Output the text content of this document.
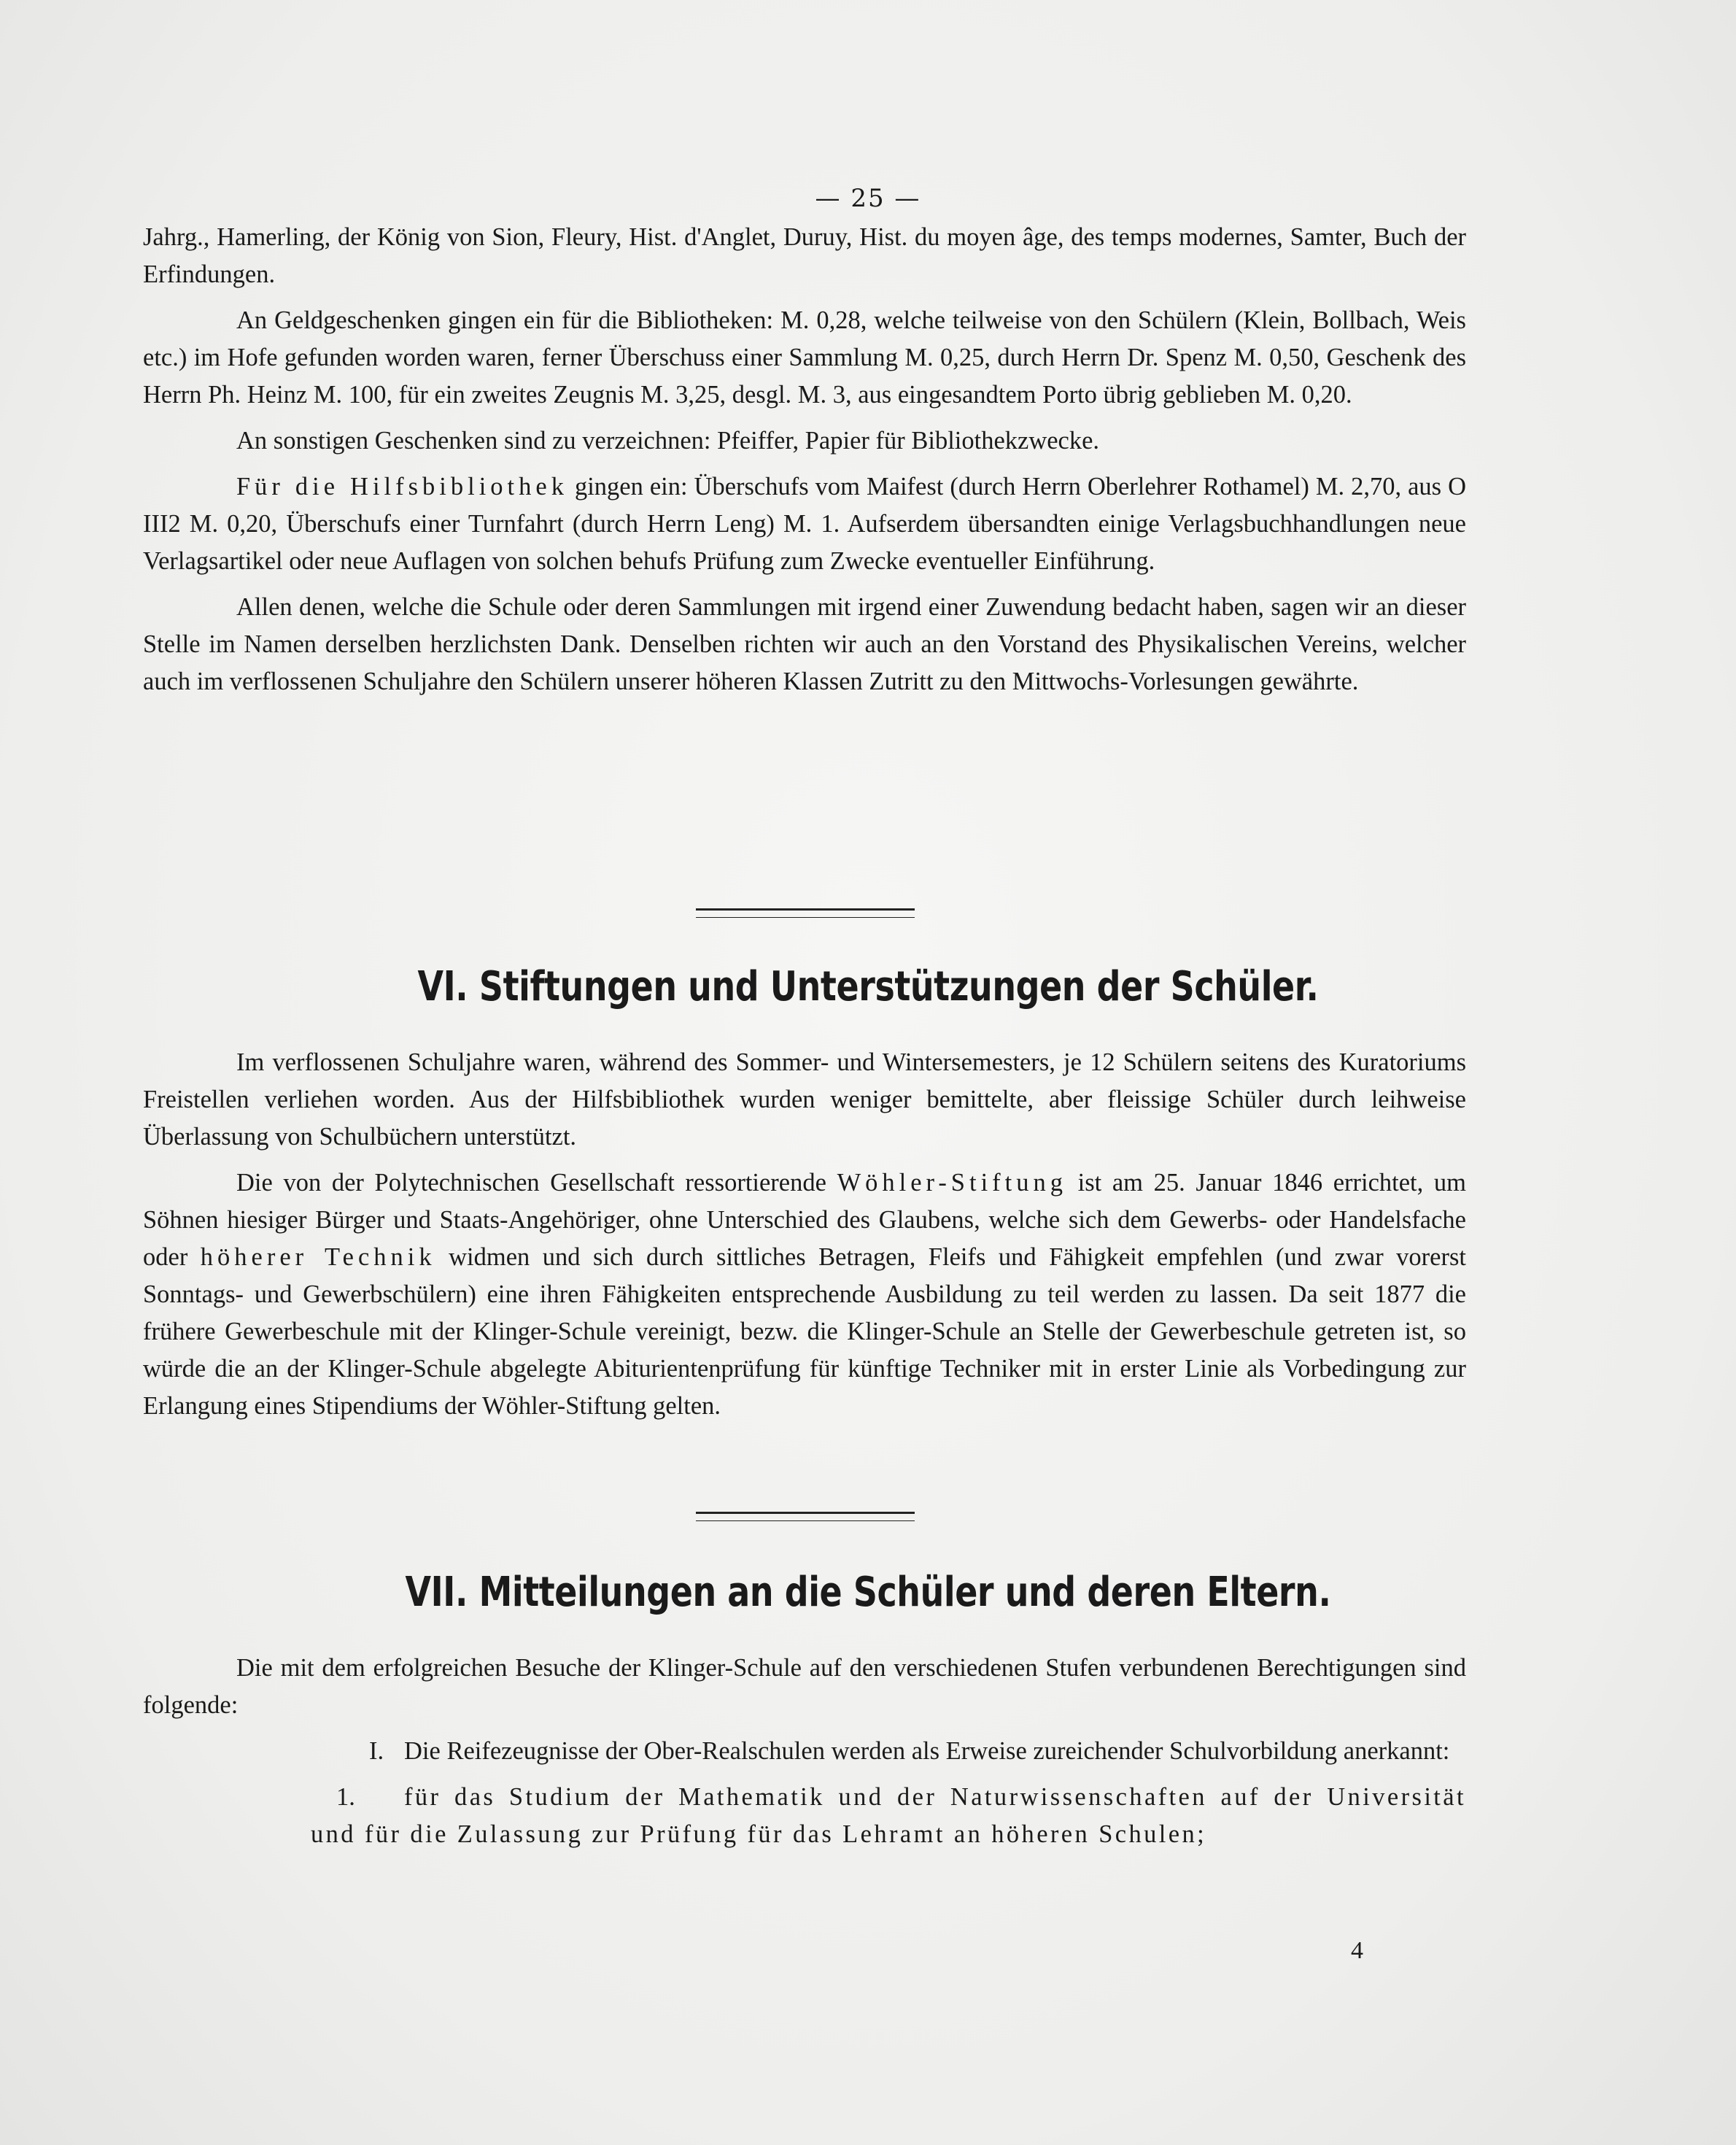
— 25 —

Jahrg., Hamerling, der König von Sion, Fleury, Hist. d'Anglet, Duruy, Hist. du moyen âge, des temps modernes, Samter, Buch der Erfindungen.

An Geldgeschenken gingen ein für die Bibliotheken: M. 0,28, welche teilweise von den Schülern (Klein, Bollbach, Weis etc.) im Hofe gefunden worden waren, ferner Überschuss einer Sammlung M. 0,25, durch Herrn Dr. Spenz M. 0,50, Geschenk des Herrn Ph. Heinz M. 100, für ein zweites Zeugnis M. 3,25, desgl. M. 3, aus eingesandtem Porto übrig geblieben M. 0,20.

An sonstigen Geschenken sind zu verzeichnen: Pfeiffer, Papier für Bibliothekzwecke.

Für die Hilfsbibliothek gingen ein: Überschufs vom Maifest (durch Herrn Oberlehrer Rothamel) M. 2,70, aus O III2 M. 0,20, Überschufs einer Turnfahrt (durch Herrn Leng) M. 1. Aufserdem übersandten einige Verlagsbuchhandlungen neue Verlagsartikel oder neue Auflagen von solchen behufs Prüfung zum Zwecke eventueller Einführung.

Allen denen, welche die Schule oder deren Sammlungen mit irgend einer Zuwendung bedacht haben, sagen wir an dieser Stelle im Namen derselben herzlichsten Dank. Denselben richten wir auch an den Vorstand des Physikalischen Vereins, welcher auch im verflossenen Schuljahre den Schülern unserer höheren Klassen Zutritt zu den Mittwochs-Vorlesungen gewährte.

VI. Stiftungen und Unterstützungen der Schüler.

Im verflossenen Schuljahre waren, während des Sommer- und Wintersemesters, je 12 Schülern seitens des Kuratoriums Freistellen verliehen worden. Aus der Hilfsbibliothek wurden weniger bemittelte, aber fleissige Schüler durch leihweise Überlassung von Schulbüchern unterstützt.

Die von der Polytechnischen Gesellschaft ressortierende Wöhler-Stiftung ist am 25. Januar 1846 errichtet, um Söhnen hiesiger Bürger und Staats-Angehöriger, ohne Unterschied des Glaubens, welche sich dem Gewerbs- oder Handelsfache oder höherer Technik widmen und sich durch sittliches Betragen, Fleifs und Fähigkeit empfehlen (und zwar vorerst Sonntags- und Gewerbschülern) eine ihren Fähigkeiten entsprechende Ausbildung zu teil werden zu lassen. Da seit 1877 die frühere Gewerbeschule mit der Klinger-Schule vereinigt, bezw. die Klinger-Schule an Stelle der Gewerbeschule getreten ist, so würde die an der Klinger-Schule abgelegte Abiturientenprüfung für künftige Techniker mit in erster Linie als Vorbedingung zur Erlangung eines Stipendiums der Wöhler-Stiftung gelten.

VII. Mitteilungen an die Schüler und deren Eltern.

Die mit dem erfolgreichen Besuche der Klinger-Schule auf den verschiedenen Stufen verbundenen Berechtigungen sind folgende:

I. Die Reifezeugnisse der Ober-Realschulen werden als Erweise zureichender Schulvorbildung anerkannt:

1.	für das Studium der Mathematik und der Naturwissenschaften auf der Universität und für die Zulassung zur Prüfung für das Lehramt an höheren Schulen;

4
